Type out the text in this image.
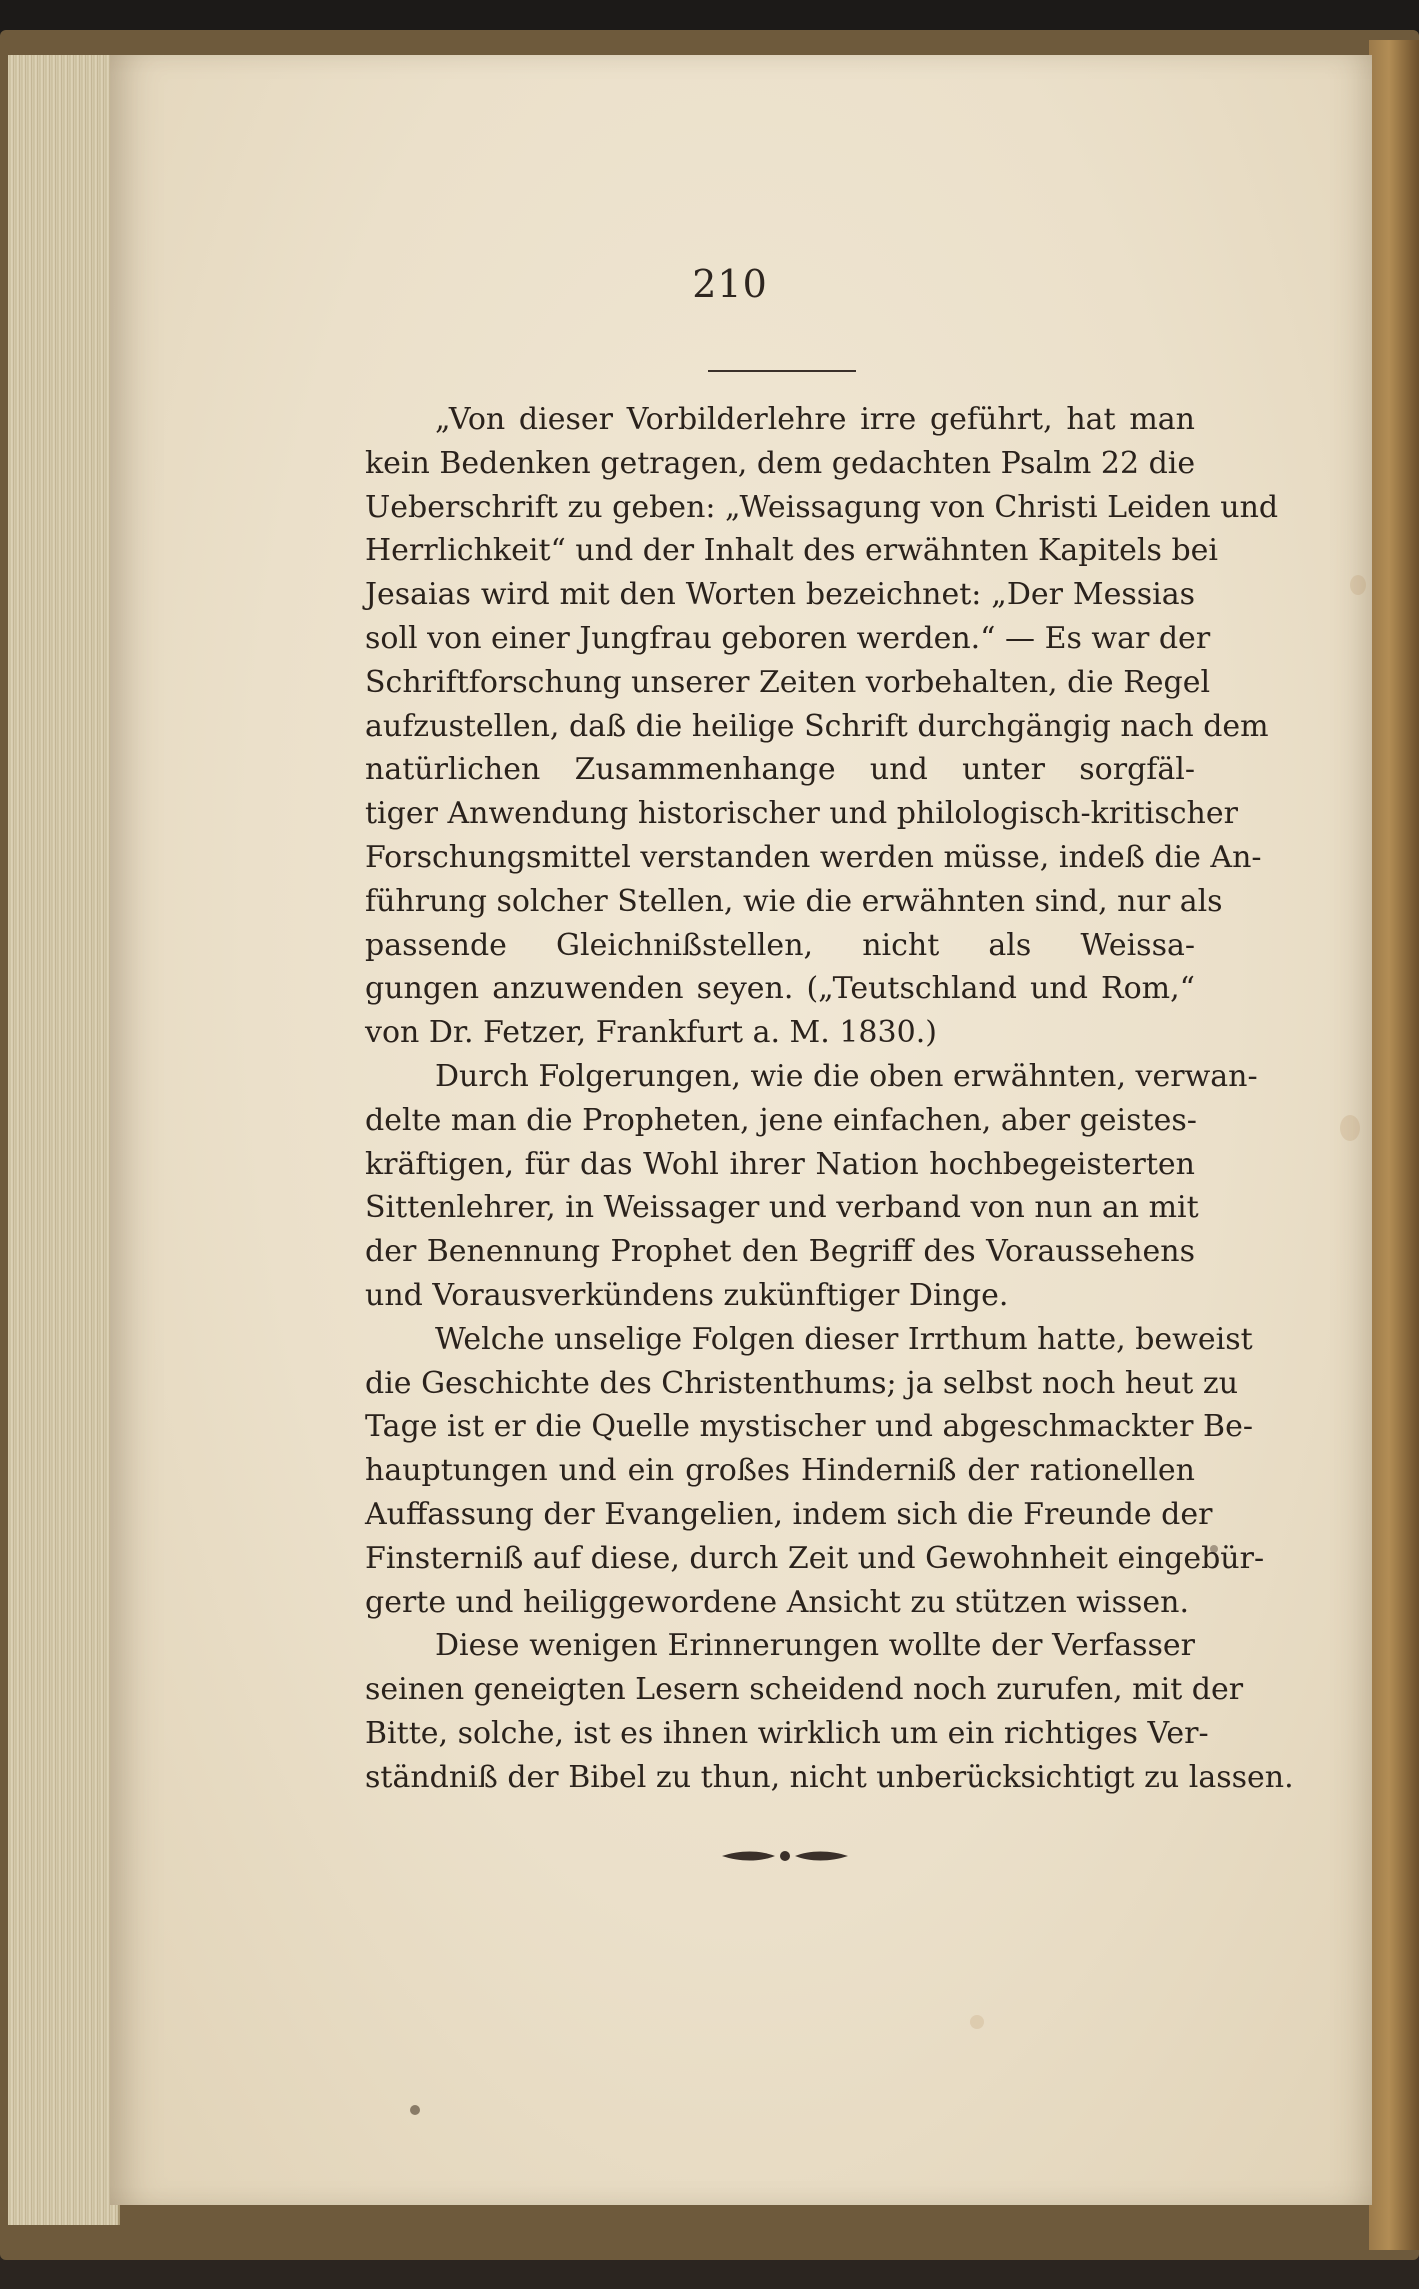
210
„Von dieser Vorbilderlehre irre geführt, hat man
kein Bedenken getragen, dem gedachten Psalm 22 die
Ueberschrift zu geben: „Weissagung von Christi Leiden und
Herrlichkeit“ und der Inhalt des erwähnten Kapitels bei
Jesaias wird mit den Worten bezeichnet: „Der Messias
soll von einer Jungfrau geboren werden.“ — Es war der
Schriftforschung unserer Zeiten vorbehalten, die Regel
aufzustellen, daß die heilige Schrift durchgängig nach dem
natürlichen Zusammenhange und unter sorgfäl-
tiger Anwendung historischer und philologisch-kritischer
Forschungsmittel verstanden werden müsse, indeß die An-
führung solcher Stellen, wie die erwähnten sind, nur als
passende Gleichnißstellen, nicht als Weissa-
gungen anzuwenden seyen. („Teutschland und Rom,“
von Dr. Fetzer, Frankfurt a. M. 1830.)
Durch Folgerungen, wie die oben erwähnten, verwan-
delte man die Propheten, jene einfachen, aber geistes-
kräftigen, für das Wohl ihrer Nation hochbegeisterten
Sittenlehrer, in Weissager und verband von nun an mit
der Benennung Prophet den Begriff des Voraussehens
und Vorausverkündens zukünftiger Dinge.
Welche unselige Folgen dieser Irrthum hatte, beweist
die Geschichte des Christenthums; ja selbst noch heut zu
Tage ist er die Quelle mystischer und abgeschmackter Be-
hauptungen und ein großes Hinderniß der rationellen
Auffassung der Evangelien, indem sich die Freunde der
Finsterniß auf diese, durch Zeit und Gewohnheit eingebür-
gerte und heiliggewordene Ansicht zu stützen wissen.
Diese wenigen Erinnerungen wollte der Verfasser
seinen geneigten Lesern scheidend noch zurufen, mit der
Bitte, solche, ist es ihnen wirklich um ein richtiges Ver-
ständniß der Bibel zu thun, nicht unberücksichtigt zu lassen.
